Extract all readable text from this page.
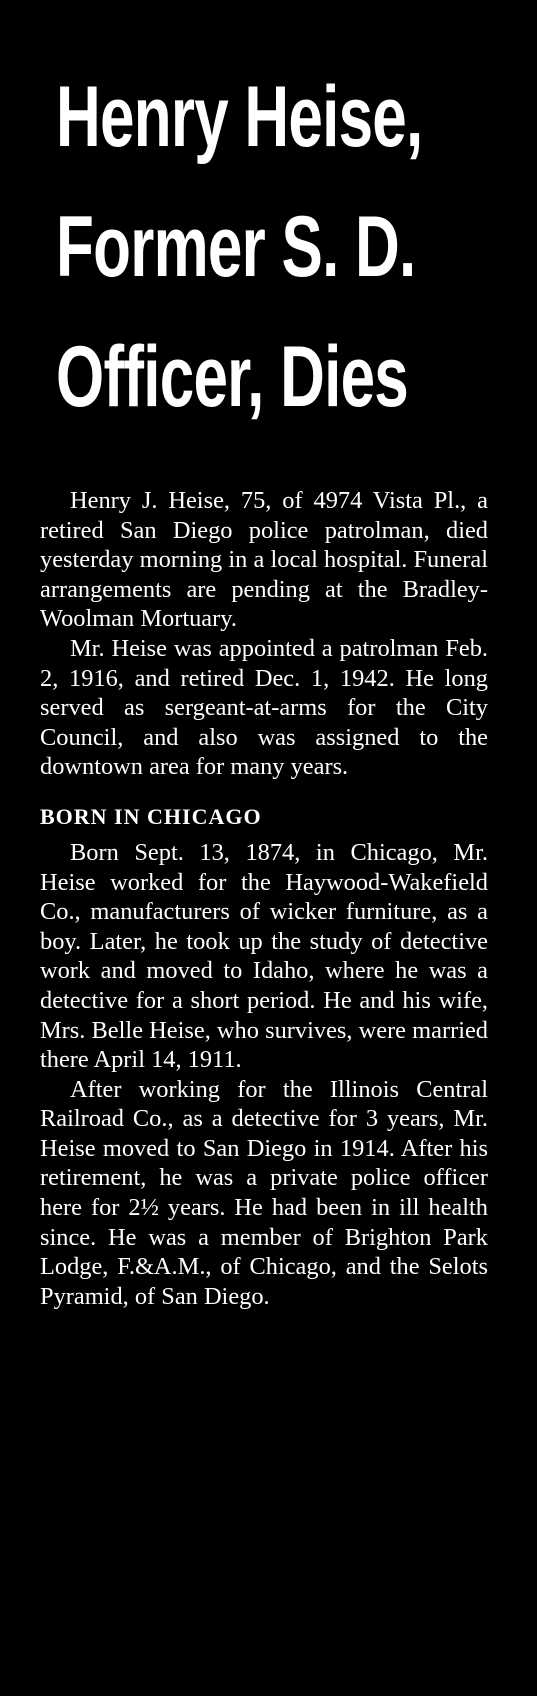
Henry Heise,
Former S. D.
Officer, Dies

Henry J. Heise, 75, of 4974 Vista Pl., a retired San Diego police patrolman, died yesterday morning in a local hospital. Funeral arrangements are pending at the Bradley-Woolman Mortuary.

Mr. Heise was appointed a patrolman Feb. 2, 1916, and retired Dec. 1, 1942. He long served as sergeant-at-arms for the City Council, and also was assigned to the downtown area for many years.

BORN IN CHICAGO

Born Sept. 13, 1874, in Chicago, Mr. Heise worked for the Haywood-Wakefield Co., manufacturers of wicker furniture, as a boy. Later, he took up the study of detective work and moved to Idaho, where he was a detective for a short period. He and his wife, Mrs. Belle Heise, who survives, were married there April 14, 1911.

After working for the Illinois Central Railroad Co., as a detective for 3 years, Mr. Heise moved to San Diego in 1914. After his retirement, he was a private police officer here for 2½ years. He had been in ill health since. He was a member of Brighton Park Lodge, F.&A.M., of Chicago, and the Selots Pyramid, of San Diego.
